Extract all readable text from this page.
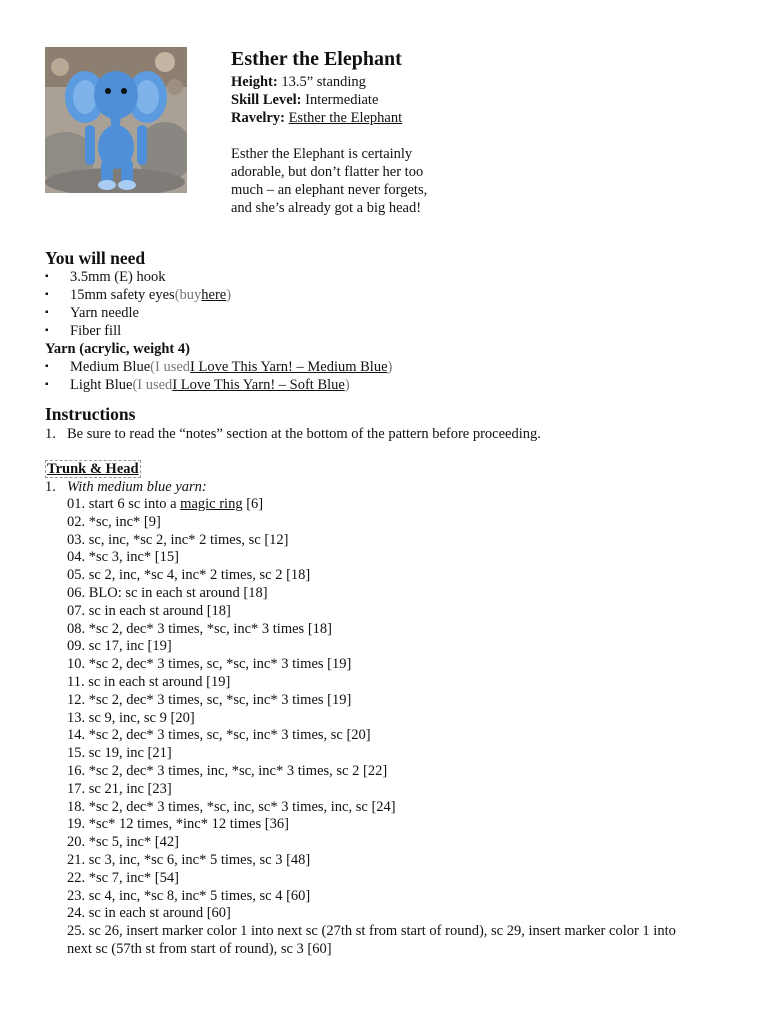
Esther the Elephant
Height: 13.5” standing
Skill Level: Intermediate
Ravelry: Esther the Elephant
Esther the Elephant is certainly
adorable, but don’t flatter her too
much – an elephant never forgets,
and she’s already got a big head!
You will need
▪	3.5mm (E) hook
▪	15mm safety eyes (buy here )
▪	Yarn needle
▪	Fiber fill
Yarn (acrylic, weight 4)
▪	Medium Blue (I used I Love This Yarn! – Medium Blue )
▪	Light Blue (I used I Love This Yarn! – Soft Blue )
Instructions
1. Be sure to read the “notes” section at the bottom of the pattern before proceeding.
Trunk & Head
1. With medium blue yarn:
01. start 6 sc into a magic ring [6]
02. *sc, inc* [9]
03. sc, inc, *sc 2, inc* 2 times, sc [12]
04. *sc 3, inc* [15]
05. sc 2, inc, *sc 4, inc* 2 times, sc 2 [18]
06. BLO: sc in each st around [18]
07. sc in each st around [18]
08. *sc 2, dec* 3 times, *sc, inc* 3 times [18]
09. sc 17, inc [19]
10. *sc 2, dec* 3 times, sc, *sc, inc* 3 times [19]
11. sc in each st around [19]
12. *sc 2, dec* 3 times, sc, *sc, inc* 3 times [19]
13. sc 9, inc, sc 9 [20]
14. *sc 2, dec* 3 times, sc, *sc, inc* 3 times, sc [20]
15. sc 19, inc [21]
16. *sc 2, dec* 3 times, inc, *sc, inc* 3 times, sc 2 [22]
17. sc 21, inc [23]
18. *sc 2, dec* 3 times, *sc, inc, sc* 3 times, inc, sc [24]
19. *sc* 12 times, *inc* 12 times [36]
20. *sc 5, inc* [42]
21. sc 3, inc, *sc 6, inc* 5 times, sc 3 [48]
22. *sc 7, inc* [54]
23. sc 4, inc, *sc 8, inc* 5 times, sc 4 [60]
24. sc in each st around [60]
25. sc 26, insert marker color 1 into next sc (27th st from start of round), sc 29, insert marker color 1 into
next sc (57th st from start of round), sc 3 [60]
